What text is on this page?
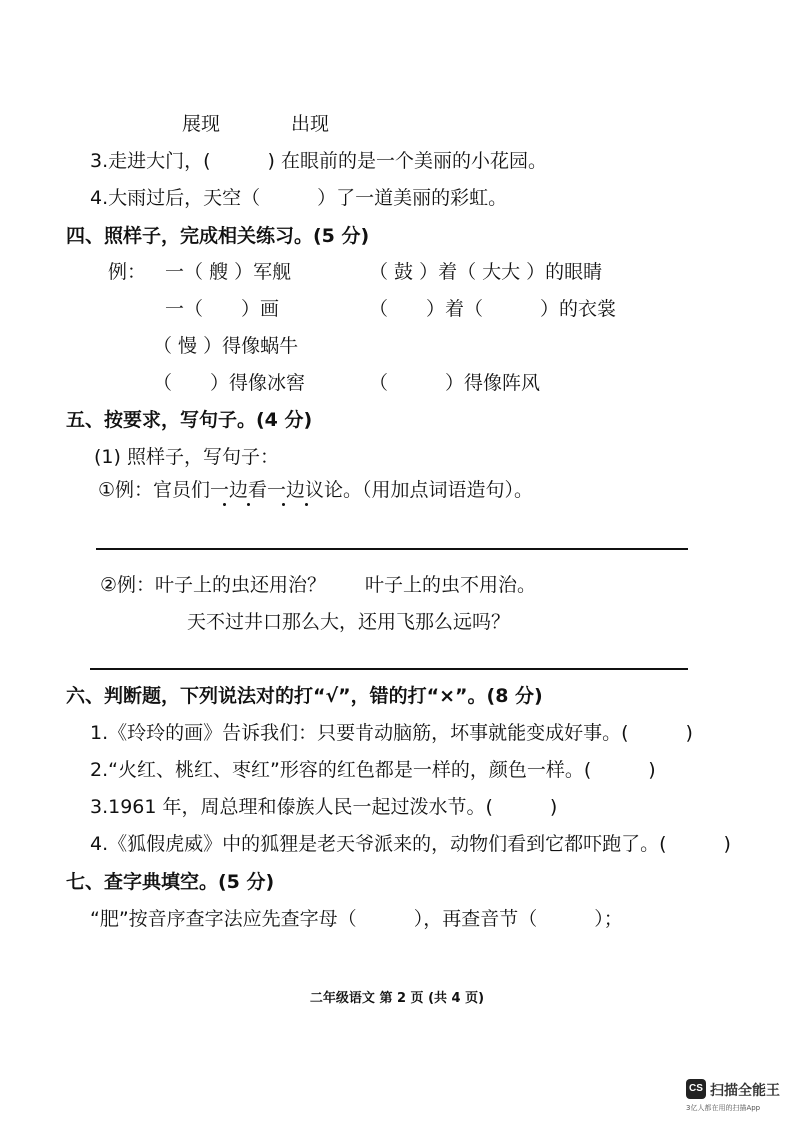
展现	出现
3.走进大门，(　　　) 在眼前的是一个美丽的小花园。
4.大雨过后，天空（　　　）了一道美丽的彩虹。
四、照样子，完成相关练习。(5 分)
例： 一（ 艘 ）军舰	（ 鼓 ）着（ 大大 ）的眼睛
一（　　）画	（　　）着（　　　）的衣裳
（ 慢 ）得像蜗牛
（　　）得像冰窖	（　　　）得像阵风
五、按要求，写句子。(4 分)
(1) 照样子，写句子：
①例：官员们一边看一边议论。（用加点词语造句）。
②例：叶子上的虫还用治？ 叶子上的虫不用治。
天不过井口那么大，还用飞那么远吗？
六、判断题，下列说法对的打“√”，错的打“×”。(8 分)
1.《玲玲的画》告诉我们：只要肯动脑筋，坏事就能变成好事。(　　　)
2.“火红、桃红、枣红”形容的红色都是一样的，颜色一样。(　　　)
3.1961 年，周总理和傣族人民一起过泼水节。(　　　)
4.《狐假虎威》中的狐狸是老天爷派来的，动物们看到它都吓跑了。(　　　)
七、查字典填空。(5 分)
“肥”按音序查字法应先查字母（　　　），再查音节（　　　）；
二年级语文 第 2 页 (共 4 页)
CS 扫描全能王
3亿人都在用的扫描App
